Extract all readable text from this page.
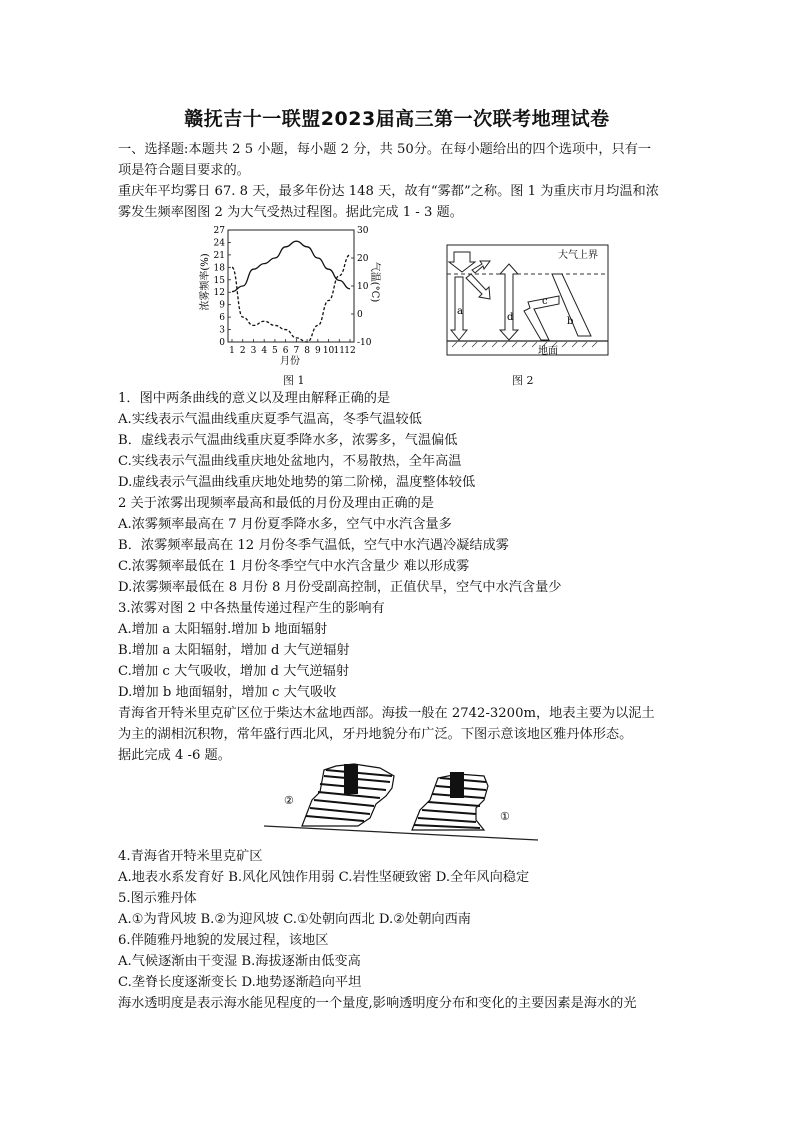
赣抚吉十一联盟2023届高三第一次联考地理试卷
一、选择题:本题共 2 5 小题，每小题 2 分，共 50分。在每小题给出的四个选项中，只有一
项是符合题目要求的。
重庆年平均雾日 67. 8 天，最多年份达 148 天，故有“雾都”之称。图 1 为重庆市月均温和浓
雾发生频率图图 2 为大气受热过程图。据此完成 1 - 3 题。
27
24
21
18
15
12
9
6
3
0
30
20
10
0
-10
1 2 3 4 5 6 7 8 9 10 11 12
浓雾频率(%)	气温(°C)
月份
图 1
大气上界
地面
a
d	b
c
图 2
1．图中两条曲线的意义以及理由解释正确的是
A.实线表示气温曲线重庆夏季气温高，冬季气温较低
B．虚线表示气温曲线重庆夏季降水多，浓雾多，气温偏低
C.实线表示气温曲线重庆地处盆地内，不易散热，全年高温
D.虚线表示气温曲线重庆地处地势的第二阶梯，温度整体较低
2 关于浓雾出现频率最高和最低的月份及理由正确的是
A.浓雾频率最高在 7 月份夏季降水多，空气中水汽含量多
B．浓雾频率最高在 12 月份冬季气温低，空气中水汽遇冷凝结成雾
C.浓雾频率最低在 1 月份冬季空气中水汽含量少 难以形成雾
D.浓雾频率最低在 8 月份 8 月份受副高控制，正值伏旱，空气中水汽含量少
3.浓雾对图 2 中各热量传递过程产生的影响有
A.增加 a 太阳辐射.增加 b 地面辐射
B.增加 a 太阳辐射，增加 d 大气逆辐射
C.增加 c 大气吸收，增加 d 大气逆辐射
D.增加 b 地面辐射，增加 c 大气吸收
青海省开特米里克矿区位于柴达木盆地西部。海拔一般在 2742-3200m，地表主要为以泥土
为主的湖相沉积物，常年盛行西北风，牙丹地貌分布广泛。下图示意该地区雅丹体形态。
据此完成 4 -6 题。
②
①
4.青海省开特米里克矿区
A.地表水系发育好 B.风化风蚀作用弱 C.岩性坚硬致密 D.全年风向稳定
5.图示雅丹体
A.①为背风坡 B.②为迎风坡 C.①处朝向西北 D.②处朝向西南
6.伴随雅丹地貌的发展过程，该地区
A.气候逐渐由干变湿 B.海拔逐渐由低变高
C.垄脊长度逐渐变长 D.地势逐渐趋向平坦
海水透明度是表示海水能见程度的一个量度,影响透明度分布和变化的主要因素是海水的光
